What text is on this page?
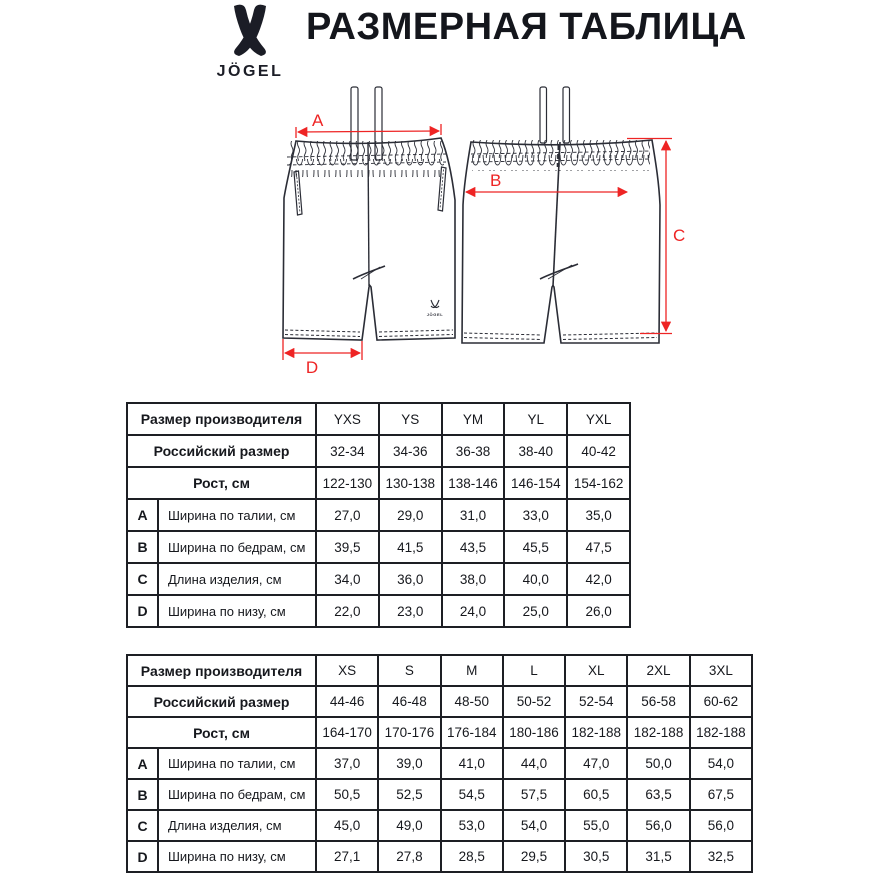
JÖGEL
РАЗМЕРНАЯ ТАБЛИЦА
JÖGEL
A
D
B
C
Размер производителя		YXS	YS	YM	YL	YXL
Российский размер		32-34	34-36	36-38	38-40	40-42
Рост, см		122-130	130-138	138-146	146-154	154-162
A	Ширина по талии, см	27,0	29,0	31,0	33,0	35,0
B	Ширина по бедрам, см	39,5	41,5	43,5	45,5	47,5
C	Длина изделия, см	34,0	36,0	38,0	40,0	42,0
D	Ширина по низу, см	22,0	23,0	24,0	25,0	26,0
Размер производителя		XS	S	M	L	XL	2XL	3XL
Российский размер		44-46	46-48	48-50	50-52	52-54	56-58	60-62
Рост, см		164-170	170-176	176-184	180-186	182-188	182-188	182-188
A	Ширина по талии, см	37,0	39,0	41,0	44,0	47,0	50,0	54,0
B	Ширина по бедрам, см	50,5	52,5	54,5	57,5	60,5	63,5	67,5
C	Длина изделия, см	45,0	49,0	53,0	54,0	55,0	56,0	56,0
D	Ширина по низу, см	27,1	27,8	28,5	29,5	30,5	31,5	32,5
